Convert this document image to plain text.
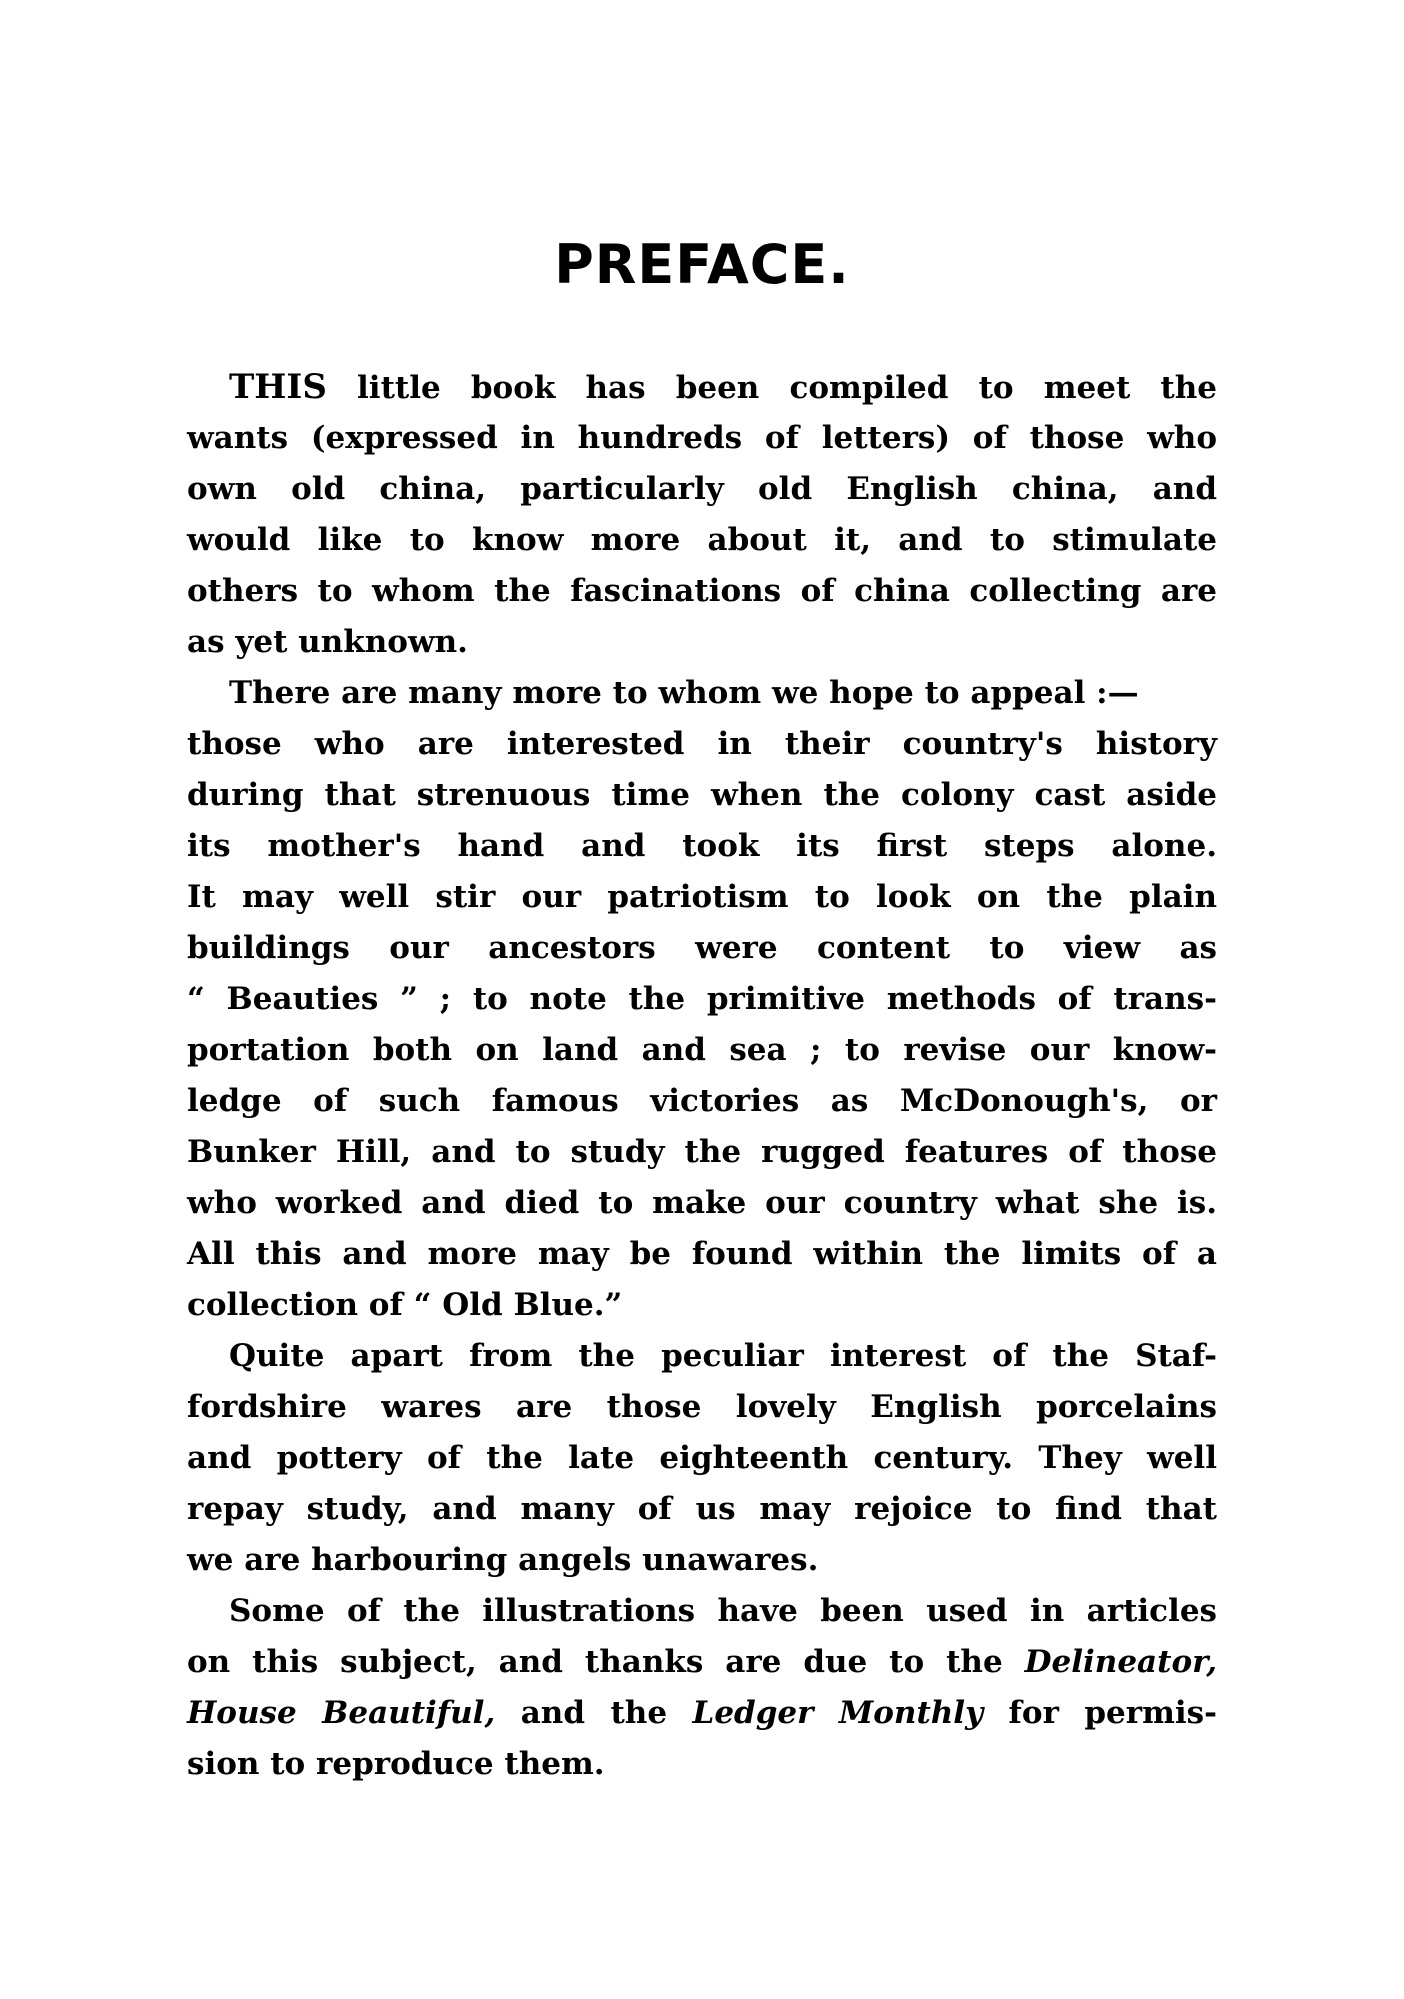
PREFACE.
THIS little book has been compiled to meet the
wants (expressed in hundreds of letters) of those who
own old china, particularly old English china, and
would like to know more about it, and to stimulate
others to whom the fascinations of china collecting are
as yet unknown.
There are many more to whom we hope to appeal :—
those who are interested in their country's history
during that strenuous time when the colony cast aside
its mother's hand and took its first steps alone.
It may well stir our patriotism to look on the plain
buildings our ancestors were content to view as
“ Beauties ” ; to note the primitive methods of trans-
portation both on land and sea ; to revise our know-
ledge of such famous victories as McDonough's, or
Bunker Hill, and to study the rugged features of those
who worked and died to make our country what she is.
All this and more may be found within the limits of a
collection of “ Old Blue.”
Quite apart from the peculiar interest of the Staf-
fordshire wares are those lovely English porcelains
and pottery of the late eighteenth century. They well
repay study, and many of us may rejoice to find that
we are harbouring angels unawares.
Some of the illustrations have been used in articles
on this subject, and thanks are due to the Delineator,
House Beautiful, and the Ledger Monthly for permis-
sion to reproduce them.
